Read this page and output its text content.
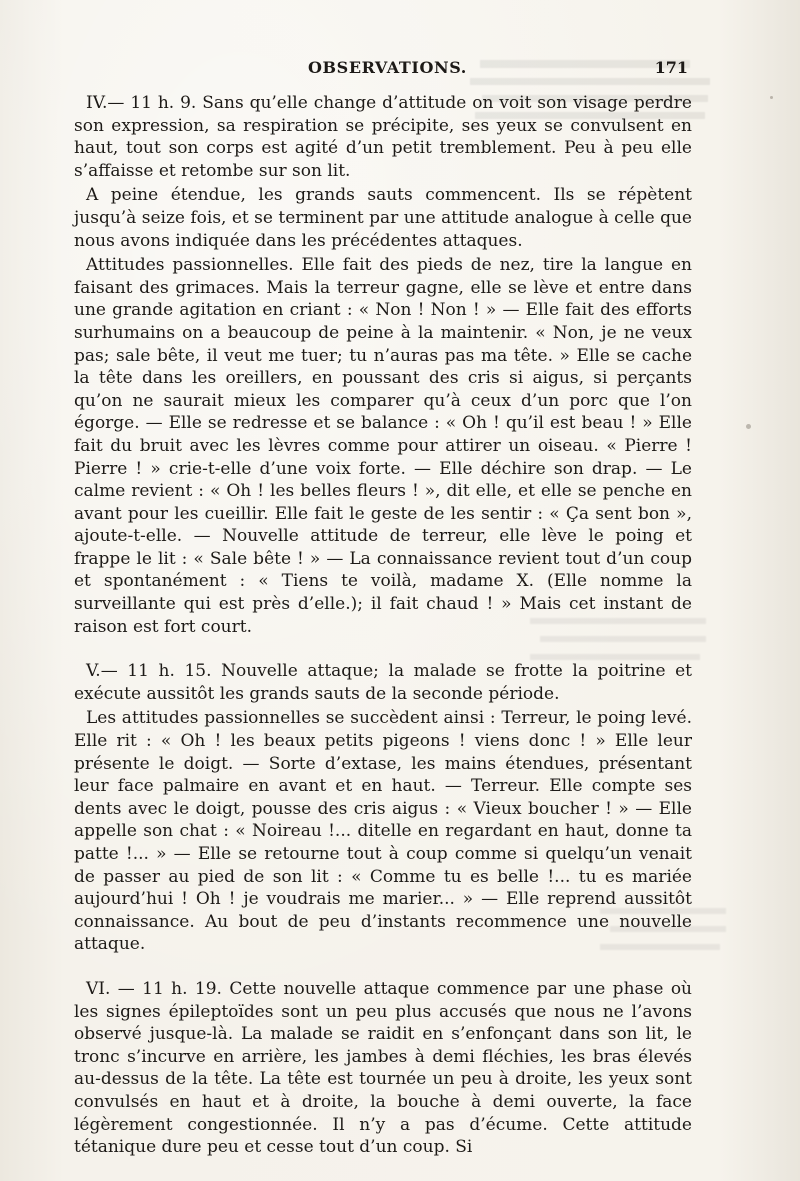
OBSERVATIONS.	171

IV.— 11 h. 9. Sans qu’elle change d’attitude on voit son visage perdre son expression, sa respiration se précipite, ses yeux se convulsent en haut, tout son corps est agité d’un petit tremblement. Peu à peu elle s’affaisse et retombe sur son lit.

A peine étendue, les grands sauts commencent. Ils se répètent jusqu’à seize fois, et se terminent par une attitude analogue à celle que nous avons indiquée dans les précédentes attaques.

Attitudes passionnelles. Elle fait des pieds de nez, tire la langue en faisant des grimaces. Mais la terreur gagne, elle se lève et entre dans une grande agitation en criant : « Non ! Non ! » — Elle fait des efforts surhumains on a beaucoup de peine à la maintenir. « Non, je ne veux pas; sale bête, il veut me tuer; tu n’auras pas ma tête. » Elle se cache la tête dans les oreillers, en poussant des cris si aigus, si perçants qu’on ne saurait mieux les comparer qu’à ceux d’un porc que l’on égorge. — Elle se redresse et se balance : « Oh ! qu’il est beau ! » Elle fait du bruit avec les lèvres comme pour attirer un oiseau. « Pierre ! Pierre ! » crie-t-elle d’une voix forte. — Elle déchire son drap. — Le calme revient : « Oh ! les belles fleurs ! », dit elle, et elle se penche en avant pour les cueillir. Elle fait le geste de les sentir : « Ça sent bon », ajoute-t-elle. — Nouvelle attitude de terreur, elle lève le poing et frappe le lit : « Sale bête ! » — La connaissance revient tout d’un coup et spontanément : « Tiens te voilà, madame X. (Elle nomme la surveillante qui est près d’elle.); il fait chaud ! » Mais cet instant de raison est fort court.

V.— 11 h. 15. Nouvelle attaque; la malade se frotte la poitrine et exécute aussitôt les grands sauts de la seconde période.

Les attitudes passionnelles se succèdent ainsi : Terreur, le poing levé. Elle rit : « Oh ! les beaux petits pigeons ! viens donc ! » Elle leur présente le doigt. — Sorte d’extase, les mains étendues, présentant leur face palmaire en avant et en haut. — Terreur. Elle compte ses dents avec le doigt, pousse des cris aigus : « Vieux boucher ! » — Elle appelle son chat : « Noireau !... ditelle en regardant en haut, donne ta patte !... » — Elle se retourne tout à coup comme si quelqu’un venait de passer au pied de son lit : « Comme tu es belle !... tu es mariée aujourd’hui ! Oh ! je voudrais me marier... » — Elle reprend aussitôt connaissance. Au bout de peu d’instants recommence une nouvelle attaque.

VI. — 11 h. 19. Cette nouvelle attaque commence par une phase où les signes épileptoïdes sont un peu plus accusés que nous ne l’avons observé jusque-là. La malade se raidit en s’enfonçant dans son lit, le tronc s’incurve en arrière, les jambes à demi fléchies, les bras élevés au-dessus de la tête. La tête est tournée un peu à droite, les yeux sont convulsés en haut et à droite, la bouche à demi ouverte, la face légèrement congestionnée. Il n’y a pas d’écume. Cette attitude tétanique dure peu et cesse tout d’un coup. Si
